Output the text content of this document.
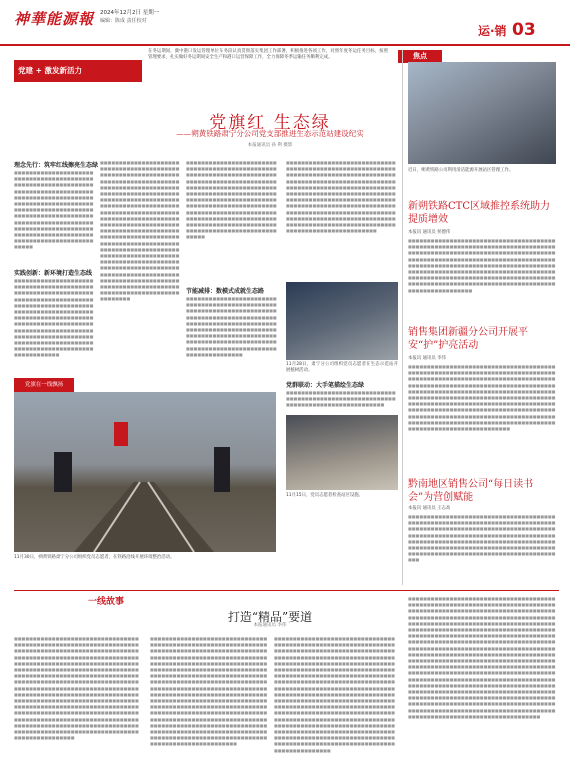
神華能源報 2024年12月2日 星期一
编辑：陈成 责任校对
运·销 03
党建 + 激发新活力
焦点
在冬运期间，冀中港口发运管理单位车务段认真贯彻落实集团工作部署，积极推进各项工作，对照年度冬运任务目标，按照管理要求，扎实做好冬运期间安全生产和港口运营保障工作，全力保障冬季运输任务顺利完成。
党旗红 生态绿
——朔黄铁路肃宁分公司党支部推进生态示范站建设纪实
本报通讯员 孙 利 摄影
理念先行：筑牢红线擦亮生态绿
■■■■■■■■■■■■■■■■■■■■■■■■■■■■■■■■■■■■■■■■■■■■■■■■■■■■■■■■■■■■■■■■■■■■■■■■■■■■■■■■■■■■■■■■■■■■■■■■■■■■■■■■■■■■■■■■■■■■■■■■■■■■■■■■■■■■■■■■■■■■■■■■■■■■■■■■■■■■■■■■■■■■■■■■■■■■■■■■■■■■■■■■■■■■■■■■■■■■■■■■■■■■■■■■■■■■■■■■■■■■■■■■■■■■■■■■■■■■■■■■■■■■■■■■■■■■■■■■■
实践创新：新环境打造生态线
■■■■■■■■■■■■■■■■■■■■■■■■■■■■■■■■■■■■■■■■■■■■■■■■■■■■■■■■■■■■■■■■■■■■■■■■■■■■■■■■■■■■■■■■■■■■■■■■■■■■■■■■■■■■■■■■■■■■■■■■■■■■■■■■■■■■■■■■■■■■■■■■■■■■■■■■■■■■■■■■■■■■■■■■■■■■■■■■■■■■■■■■■■■■■■■■■■■■■■■■■■■■■■■■■■■■■■■■■■■■■■■■■■■■■■■■■■■■■■■■■■■■■■■■■■■■■■■■■■■■■■■■
■■■■■■■■■■■■■■■■■■■■■■■■■■■■■■■■■■■■■■■■■■■■■■■■■■■■■■■■■■■■■■■■■■■■■■■■■■■■■■■■■■■■■■■■■■■■■■■■■■■■■■■■■■■■■■■■■■■■■■■■■■■■■■■■■■■■■■■■■■■■■■■■■■■■■■■■■■■■■■■■■■■■■■■■■■■■■■■■■■■■■■■■■■■■■■■■■■■■■■■■■■■■■■■■■■■■■■■■■■■■■■■■■■■■■■■■■■■■■■■■■■■■■■■■■■■■■■■■■■■■■■■■■■■■■■■■■■■■■■■■■■■■■■■■■■■■■■■■■■■■■■■■■■■■■■■■■■■■■■■■■■■■■■■■■■■■■■■■■■■■■■■■■■■■■■■■■■■■■■■■■■■■■■■■■■■■■■■■■■■■■■■■■■■■■■■■■■■■■■■■■■■■■■■■■■■■■■■■■■■■■■■■■■■■■■■■■■■■■■■■■■■■■■■■■■■■■■■■■■■■■■■■■■■■■■
■■■■■■■■■■■■■■■■■■■■■■■■■■■■■■■■■■■■■■■■■■■■■■■■■■■■■■■■■■■■■■■■■■■■■■■■■■■■■■■■■■■■■■■■■■■■■■■■■■■■■■■■■■■■■■■■■■■■■■■■■■■■■■■■■■■■■■■■■■■■■■■■■■■■■■■■■■■■■■■■■■■■■■■■■■■■■■■■■■■■■■■■■■■■■■■■■■■■■■■■■■■■■■■■■■■■■■■■■■■■■■■■■■■■■■■■■■■■■■■■■■■■■■■■■■■■■■■■■■■■■■■■■■■■■■■■■■■■■■■■■■■■■■■■■■■■■
节能减排：数模式成就生态路
■■■■■■■■■■■■■■■■■■■■■■■■■■■■■■■■■■■■■■■■■■■■■■■■■■■■■■■■■■■■■■■■■■■■■■■■■■■■■■■■■■■■■■■■■■■■■■■■■■■■■■■■■■■■■■■■■■■■■■■■■■■■■■■■■■■■■■■■■■■■■■■■■■■■■■■■■■■■■■■■■■■■■■■■■■■■■■■■■■■■■■■■■■■■■■■■■■■■■■■■■■■■■■■■■■■■■■■■■■■■■■■■■■■■■■■
■■■■■■■■■■■■■■■■■■■■■■■■■■■■■■■■■■■■■■■■■■■■■■■■■■■■■■■■■■■■■■■■■■■■■■■■■■■■■■■■■■■■■■■■■■■■■■■■■■■■■■■■■■■■■■■■■■■■■■■■■■■■■■■■■■■■■■■■■■■■■■■■■■■■■■■■■■■■■■■■■■■■■■■■■■■■■■■■■■■■■■■■■■■■■■■■■■■■■■■■■■■■■■■■■■■■■■■■■■■■■■■■■■■■■■■■■■■■■■■■■■■■■■■■■■■■■■■■■■■■■■■■■■■■■■■■■■■■■■■■■■■■■■■■■■■■■■■■■■■■■■■■■■■■■■■■■■■■■■■■■■■■■■■■■■■■■■■■■■■■■■■
11月28日，肃宁分公司组织党员志愿者在生态示范站开展植树活动。
党群联动：大手笔描绘生态绿
■■■■■■■■■■■■■■■■■■■■■■■■■■■■■■■■■■■■■■■■■■■■■■■■■■■■■■■■■■■■■■■■■■■■■■■■■■■■■■■■■■■■
11月15日，党员志愿者检查站区设施。
党旗在一线飘扬
11月30日，朔黄铁路肃宁分公司组织党员志愿者，在铁路沿线开展环境整治活动。
近日，朔黄铁路公司利用清洁能源开展站区管理工作。
新朔铁路CTC区域推控系统助力提质增效
本报讯 通讯员 侯德伟
■■■■■■■■■■■■■■■■■■■■■■■■■■■■■■■■■■■■■■■■■■■■■■■■■■■■■■■■■■■■■■■■■■■■■■■■■■■■■■■■■■■■■■■■■■■■■■■■■■■■■■■■■■■■■■■■■■■■■■■■■■■■■■■■■■■■■■■■■■■■■■■■■■■■■■■■■■■■■■■■■■■■■■■■■■■■■■■■■■■■■■■■■■■■■■■■■■■■■■■■■■■■■■■■■■■■■■■■■■■■■■■■■■■■■■■■■■■■■■■■■■■■■■■■■■■■■■■■■■■■■■■■■■■■■■■■■■■■■■■■■■■■■■■■■■■■■■■■■■■■■■■■■■■■■■■■■■■■■■■■■■■■■■■■■
销售集团新疆分公司开展平安“护”护亮活动
本报讯 通讯员 李伟
■■■■■■■■■■■■■■■■■■■■■■■■■■■■■■■■■■■■■■■■■■■■■■■■■■■■■■■■■■■■■■■■■■■■■■■■■■■■■■■■■■■■■■■■■■■■■■■■■■■■■■■■■■■■■■■■■■■■■■■■■■■■■■■■■■■■■■■■■■■■■■■■■■■■■■■■■■■■■■■■■■■■■■■■■■■■■■■■■■■■■■■■■■■■■■■■■■■■■■■■■■■■■■■■■■■■■■■■■■■■■■■■■■■■■■■■■■■■■■■■■■■■■■■■■■■■■■■■■■■■■■■■■■■■■■■■■■■■■■■■■■■■■■■■■■■■■■■■■■■■■■■■■■■■■■■■■■■■■■■■■■■■■■■■■■■■■■■■■■■■■■■■■■■■■■■■■■■■■■■■■■■■■■■■■■■■■■■■■■■■■■■■■■■■■■■■■■■■■■■■■■■■■■■■■■■■■■■■■
黔南地区销售公司“每日读书会”为营创赋能
本报讯 通讯员 王志高
■■■■■■■■■■■■■■■■■■■■■■■■■■■■■■■■■■■■■■■■■■■■■■■■■■■■■■■■■■■■■■■■■■■■■■■■■■■■■■■■■■■■■■■■■■■■■■■■■■■■■■■■■■■■■■■■■■■■■■■■■■■■■■■■■■■■■■■■■■■■■■■■■■■■■■■■■■■■■■■■■■■■■■■■■■■■■■■■■■■■■■■■■■■■■■■■■■■■■■■■■■■■■■■■■■■■■■■■■■■■■■■■■■■■■■■■■■■■■■■■■■■■■■■■■■■■■■■■■■■■■■■■■■■■■■■■■■■■
一线故事
打造“精品”要道
本报通讯员 李伟
■■■■■■■■■■■■■■■■■■■■■■■■■■■■■■■■■■■■■■■■■■■■■■■■■■■■■■■■■■■■■■■■■■■■■■■■■■■■■■■■■■■■■■■■■■■■■■■■■■■■■■■■■■■■■■■■■■■■■■■■■■■■■■■■■■■■■■■■■■■■■■■■■■■■■■■■■■■■■■■■■■■■■■■■■■■■■■■■■■■■■■■■■■■■■■■■■■■■■■■■■■■■■■■■■■■■■■■■■■■■■■■■■■■■■■■■■■■■■■■■■■■■■■■■■■■■■■■■■■■■■■■■■■■■■■■■■■■■■■■■■■■■■■■■■■■■■■■■■■■■■■■■■■■■■■■■■■■■■■■■■■■■■■■■■■■■■■■■■■■■■■■■■■■■■■■■■■■■■■■■■■■■■■■■■■■■■■■■■■■■■■■■■■■■■■■■■■■■■■■■■■■■■■■■■■■■■■■■■■■■■■■■■■■■■■■■■■■■■■■■■■■■■■■■■■■■■■■■■■■■■■■■■■■■■■■■■■■■■■■■■■■■■■■■■■■■■■■■■■■■■■■■■■■■■■■■■■■■■■■■■■■■■■■■■■■■■■■■■■■■■■■■
■■■■■■■■■■■■■■■■■■■■■■■■■■■■■■■■■■■■■■■■■■■■■■■■■■■■■■■■■■■■■■■■■■■■■■■■■■■■■■■■■■■■■■■■■■■■■■■■■■■■■■■■■■■■■■■■■■■■■■■■■■■■■■■■■■■■■■■■■■■■■■■■■■■■■■■■■■■■■■■■■■■■■■■■■■■■■■■■■■■■■■■■■■■■■■■■■■■■■■■■■■■■■■■■■■■■■■■■■■■■■■■■■■■■■■■■■■■■■■■■■■■■■■■■■■■■■■■■■■■■■■■■■■■■■■■■■■■■■■■■■■■■■■■■■■■■■■■■■■■■■■■■■■■■■■■■■■■■■■■■■■■■■■■■■■■■■■■■■■■■■■■■■■■■■■■■■■■■■■■■■■■■■■■■■■■■■■■■■■■■■■■■■■■■■■■■■■■■■■■■■■■■■■■■■■■■■■■■■■■■■■■■■■■■■■■■■■■■■■■■■■■■■■■■■■■■■■■■■■■■■■■■■■■■■■■■■■■■■■■■■■■■■■■■■■■■■■■■■■■■■■■■■■■■■■■■■■■■■■■■■■■■■■■■■■■■■■■■■■■■■■■■■■■■■■
■■■■■■■■■■■■■■■■■■■■■■■■■■■■■■■■■■■■■■■■■■■■■■■■■■■■■■■■■■■■■■■■■■■■■■■■■■■■■■■■■■■■■■■■■■■■■■■■■■■■■■■■■■■■■■■■■■■■■■■■■■■■■■■■■■■■■■■■■■■■■■■■■■■■■■■■■■■■■■■■■■■■■■■■■■■■■■■■■■■■■■■■■■■■■■■■■■■■■■■■■■■■■■■■■■■■■■■■■■■■■■■■■■■■■■■■■■■■■■■■■■■■■■■■■■■■■■■■■■■■■■■■■■■■■■■■■■■■■■■■■■■■■■■■■■■■■■■■■■■■■■■■■■■■■■■■■■■■■■■■■■■■■■■■■■■■■■■■■■■■■■■■■■■■■■■■■■■■■■■■■■■■■■■■■■■■■■■■■■■■■■■■■■■■■■■■■■■■■■■■■■■■■■■■■■■■■■■■■■■■■■■■■■■■■■■■■■■■■■■■■■■■■■■■■■■■■■■■■■■■■■■■■■■■■■■■■■■■■■■■■■■■■■■■■■■■■■■■■■■■■■■■■■■■■■■■■■■■■■■■■■■■■■■■■■■■■■■■■■■■■■■■■■■■■■■■■■■■■■■■■■■■■■■■■■■■■■■■■■■■■■■■■■■■■■■
■■■■■■■■■■■■■■■■■■■■■■■■■■■■■■■■■■■■■■■■■■■■■■■■■■■■■■■■■■■■■■■■■■■■■■■■■■■■■■■■■■■■■■■■■■■■■■■■■■■■■■■■■■■■■■■■■■■■■■■■■■■■■■■■■■■■■■■■■■■■■■■■■■■■■■■■■■■■■■■■■■■■■■■■■■■■■■■■■■■■■■■■■■■■■■■■■■■■■■■■■■■■■■■■■■■■■■■■■■■■■■■■■■■■■■■■■■■■■■■■■■■■■■■■■■■■■■■■■■■■■■■■■■■■■■■■■■■■■■■■■■■■■■■■■■■■■■■■■■■■■■■■■■■■■■■■■■■■■■■■■■■■■■■■■■■■■■■■■■■■■■■■■■■■■■■■■■■■■■■■■■■■■■■■■■■■■■■■■■■■■■■■■■■■■■■■■■■■■■■■■■■■■■■■■■■■■■■■■■■■■■■■■■■■■■■■■■■■■■■■■■■■■■■■■■■■■■■■■■■■■■■■■■■■■■■■■■■■■■■■■■■■■■■■■■■■■■■■■■■■■■■■■■■■■■■■■■■■■■■■■■■■■■■■■■■■■■■■■■■■■■■■■■■■■■■■■■■■■■■■■■■■■■■■■■■■■■■■■■■■■■■■■■■■■■■■■■■■■■■■■■■■■■■■■■■■■■■■■■■■■■■■■■■■■■■■■■■■■■■■■■■■■■■■■■■■■■■■■■■■■■■■■■■■■■■■■■■■■■■■■■■■■■■■■■■■■■■■■■■■■■■■■■■■■■■■■■■■■■■■■■■■■■■■■■■■■■■■■■■■■■■■■■■■■■■■■■■■■■■■■■■■■■■■■■■■■■■■
